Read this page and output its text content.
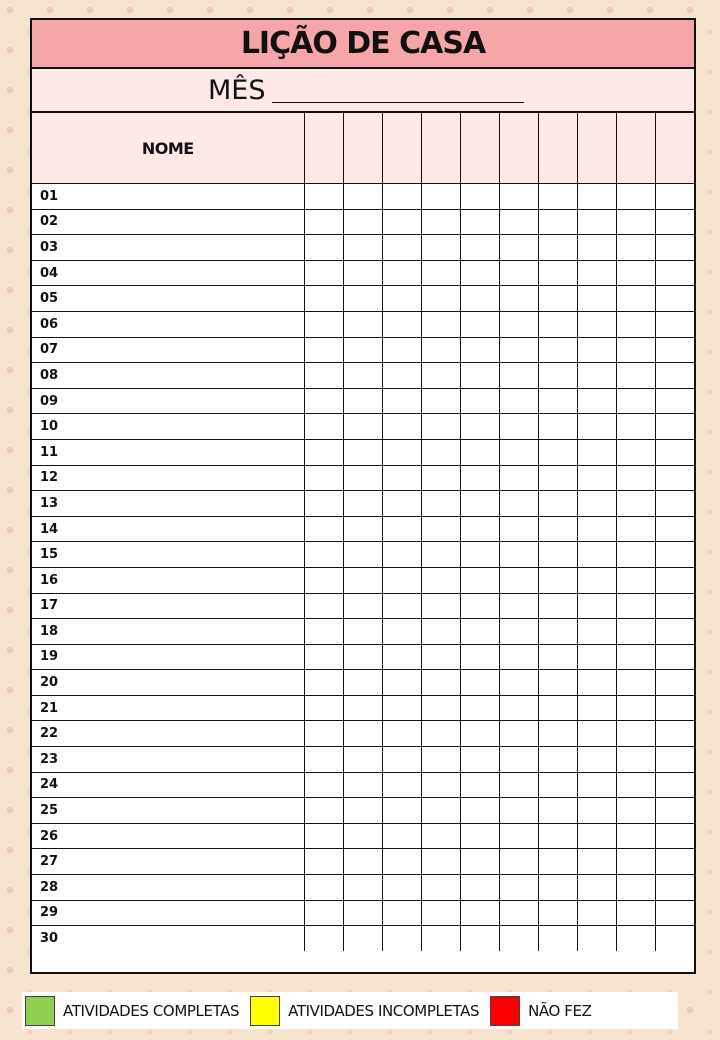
LIÇÃO DE CASA
MÊS
NOME										
01										
02										
03										
04										
05										
06										
07										
08										
09										
10										
11										
12										
13										
14										
15										
16										
17										
18										
19										
20										
21										
22										
23										
24										
25										
26										
27										
28										
29										
30										
ATIVIDADES COMPLETAS	ATIVIDADES INCOMPLETAS	NÃO FEZ
